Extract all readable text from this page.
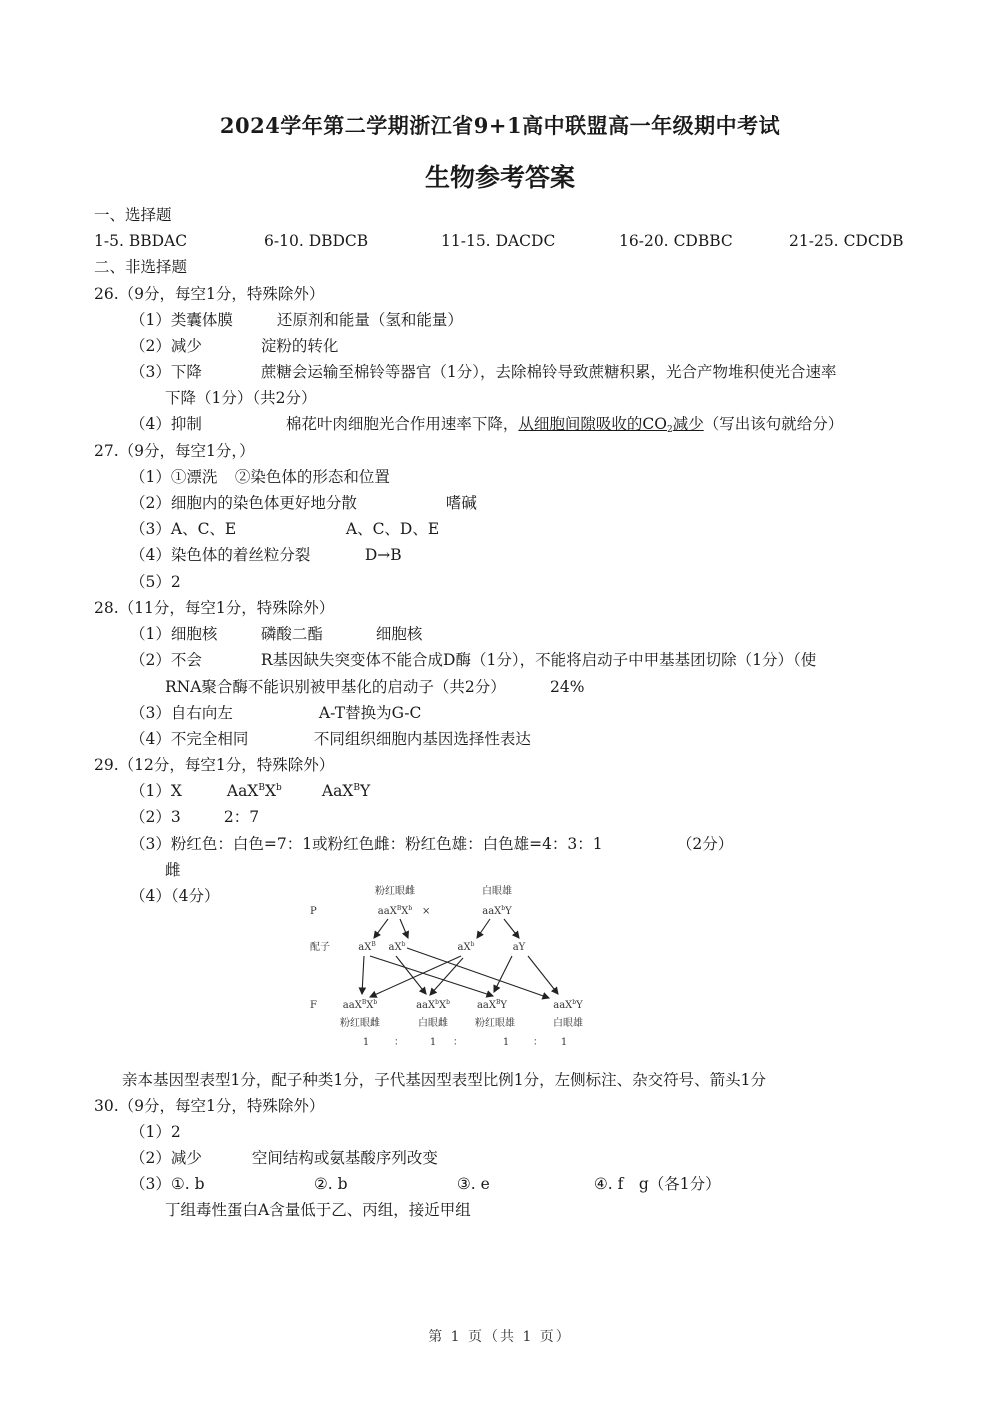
2024学年第二学期浙江省9+1高中联盟高一年级期中考试
生物参考答案
一、选择题
1-5. BBDAC	6-10. DBDCB	11-15. DACDC	16-20. CDBBC	21-25. CDCDB
二、非选择题
26.（9分，每空1分，特殊除外）
（1）类囊体膜	还原剂和能量（氢和能量）
（2）减少	淀粉的转化
（3）下降	蔗糖会运输至棉铃等器官（1分），去除棉铃导致蔗糖积累，光合产物堆积使光合速率
下降（1分）（共2分）
（4）抑制	棉花叶肉细胞光合作用速率下降，从细胞间隙吸收的$CO_2$减少（写出该句就给分）
27.（9分，每空1分，）
（1）①漂洗 ②染色体的形态和位置
（2）细胞内的染色体更好地分散	嗜碱
（3）A、C、E	A、C、D、E
（4）染色体的着丝粒分裂	D→B
（5）2
28.（11分，每空1分，特殊除外）
（1）细胞核	磷酸二酯	细胞核
（2）不会	R基因缺失突变体不能合成D酶（1分），不能将启动子中甲基基团切除（1分）（使
RNA聚合酶不能识别被甲基化的启动子（共2分）	24%
（3）自右向左	A-T替换为G-C
（4）不完全相同	不同组织细胞内基因选择性表达
29.（12分，每空1分，特殊除外）
（1）X	$AaX^BX^b$	AaX$^B$Y
（2）3	2：7
（3）粉红色：白色=7：1或粉红色雌：粉红色雄：白色雄=4：3：1	（2分）
雌
（4）（4分）
P
配子
F
×
粉红眼雌	白眼雄
$aaX^BX^b$	aaX$^b$Y
$aX^B$ $aX^b$	$aX^b$	aY
$aaX^BX^b$	$aaX^bX^b$	aaX$^B$Y	aaX$^b$Y
粉红眼雌	白眼雌	粉红眼雄	白眼雄
1 ：	1 ：	1 ： 1
亲本基因型表型1分，配子种类1分，子代基因型表型比例1分，左侧标注、杂交符号、箭头1分
30.（9分，每空1分，特殊除外）
（1）2
（2）减少	空间结构或氨基酸序列改变
（3）①. b	②. b	③. e	④. f　g（各1分）
丁组毒性蛋白A含量低于乙、丙组，接近甲组
第 1 页（共 1 页）
